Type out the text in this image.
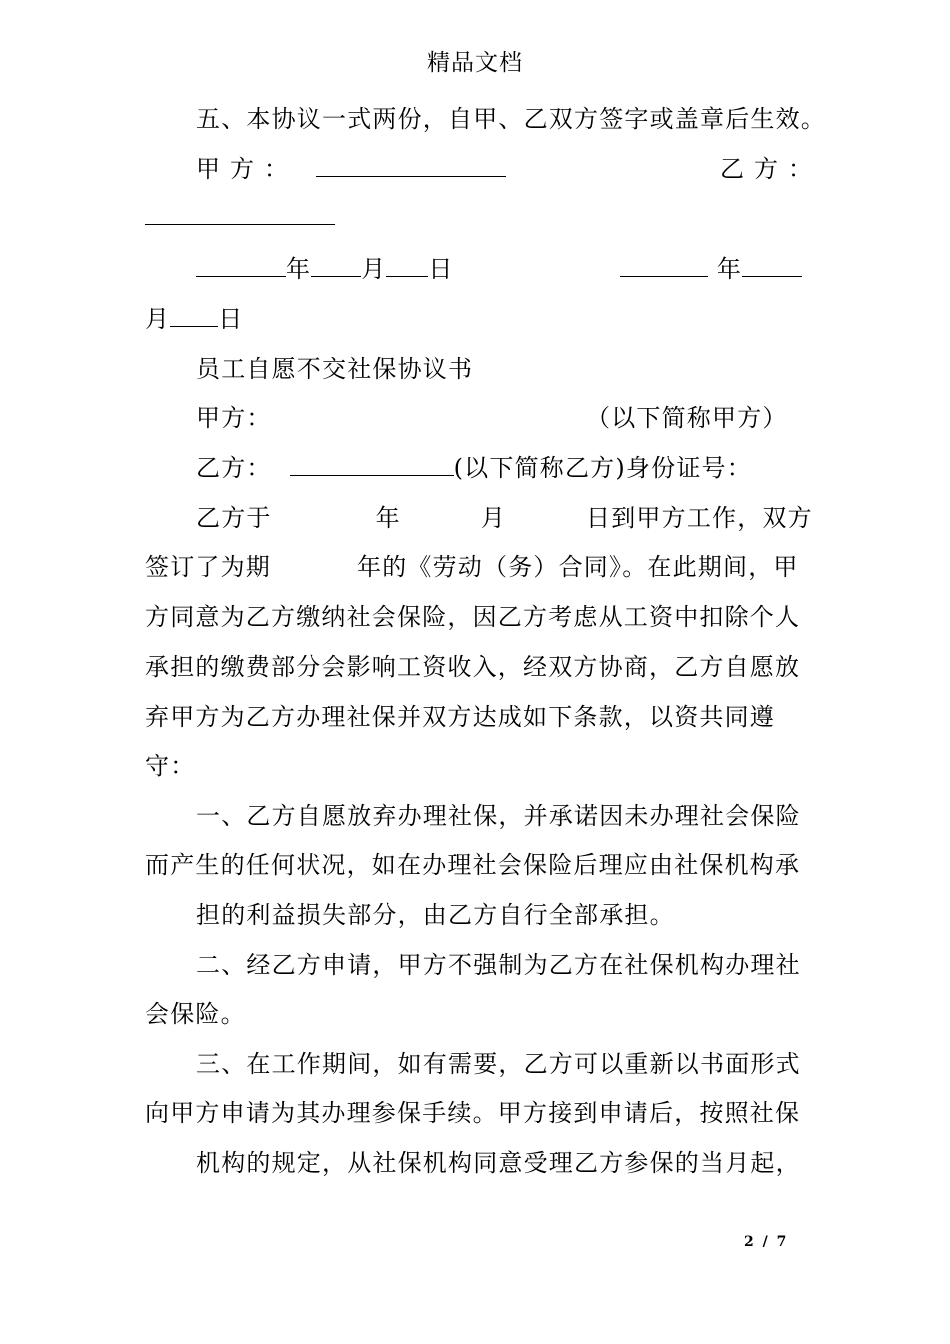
精品文档
五、本协议一式两份，自甲、乙双方签字或盖章后生效。
甲 方 ：	乙 方 ：
年 月 日	年
月 日
员工自愿不交社保协议书
甲方：	（以下简称甲方）
乙方：	(以下简称乙方)身份证号：
乙方于	年	月	日到甲方工作，双方
签订了为期	年的《劳动（务）合同》。在此期间，甲
方同意为乙方缴纳社会保险，因乙方考虑从工资中扣除个人
承担的缴费部分会影响工资收入，经双方协商，乙方自愿放
弃甲方为乙方办理社保并双方达成如下条款，以资共同遵
守：
一、乙方自愿放弃办理社保，并承诺因未办理社会保险
而产生的任何状况，如在办理社会保险后理应由社保机构承
担的利益损失部分，由乙方自行全部承担。
二、经乙方申请，甲方不强制为乙方在社保机构办理社
会保险。
三、在工作期间，如有需要，乙方可以重新以书面形式
向甲方申请为其办理参保手续。甲方接到申请后，按照社保
机构的规定，从社保机构同意受理乙方参保的当月起，
2 / 7
